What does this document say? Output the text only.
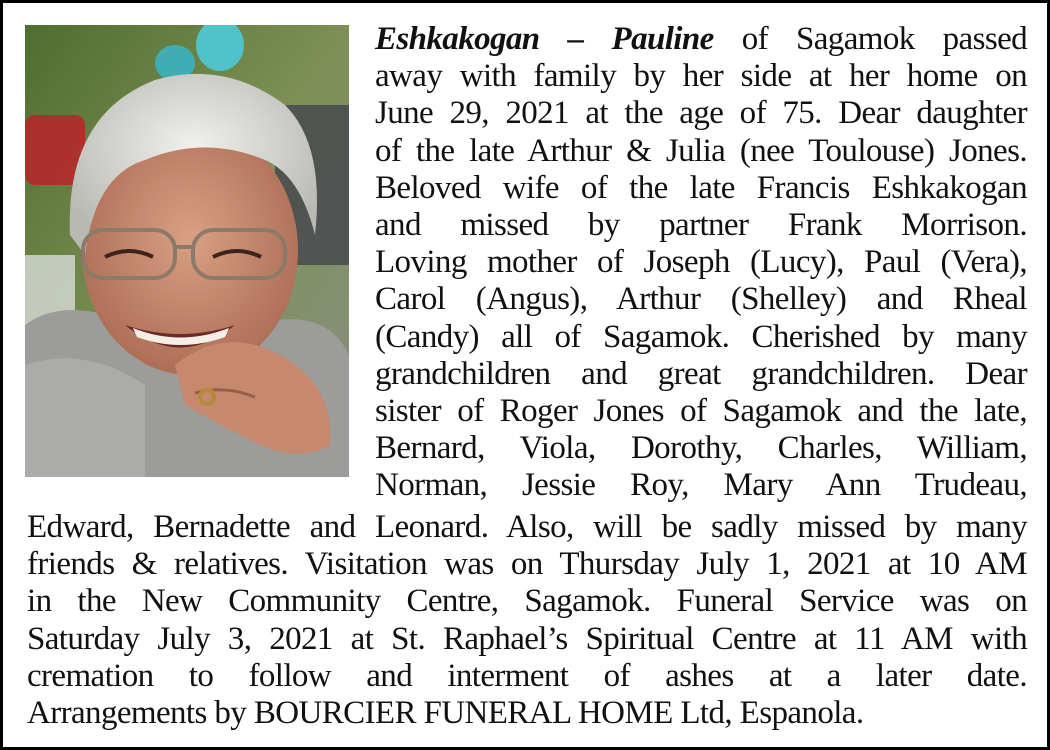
Eshkakogan – Pauline of Sagamok passed
away with family by her side at her home on
June 29, 2021 at the age of 75. Dear daughter
of the late Arthur & Julia (nee Toulouse) Jones.
Beloved wife of the late Francis Eshkakogan
and missed by partner Frank Morrison.
Loving mother of Joseph (Lucy), Paul (Vera),
Carol (Angus), Arthur (Shelley) and Rheal
(Candy) all of Sagamok. Cherished by many
grandchildren and great grandchildren. Dear
sister of Roger Jones of Sagamok and the late,
Bernard, Viola, Dorothy, Charles, William,
Norman, Jessie Roy, Mary Ann Trudeau,
Edward, Bernadette and Leonard. Also, will be sadly missed by many
friends & relatives. Visitation was on Thursday July 1, 2021 at 10 AM
in the New Community Centre, Sagamok. Funeral Service was on
Saturday July 3, 2021 at St. Raphael’s Spiritual Centre at 11 AM with
cremation to follow and interment of ashes at a later date.
Arrangements by BOURCIER FUNERAL HOME Ltd, Espanola.
